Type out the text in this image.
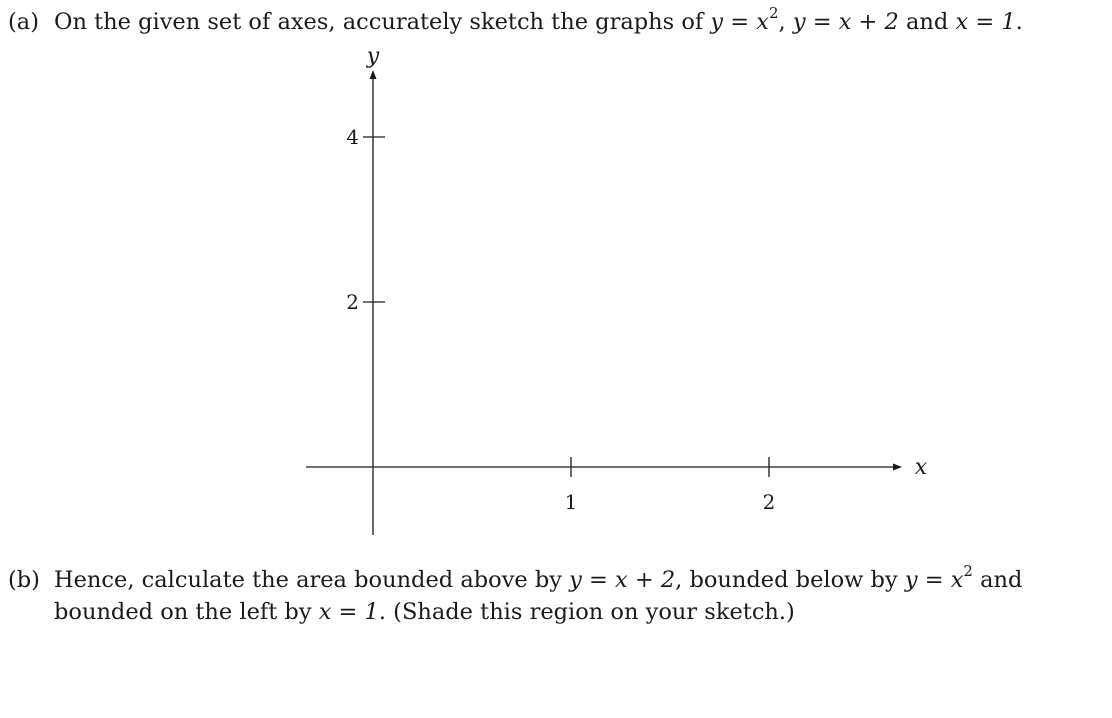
(a) On the given set of axes, accurately sketch the graphs of $y = x^2$, y = x + 2 and x = 1.
y
x
1	2
2
4
(b) Hence, calculate the area bounded above by y = x + 2, bounded below by $y = x^2$ and
bounded on the left by x = 1. (Shade this region on your sketch.)
